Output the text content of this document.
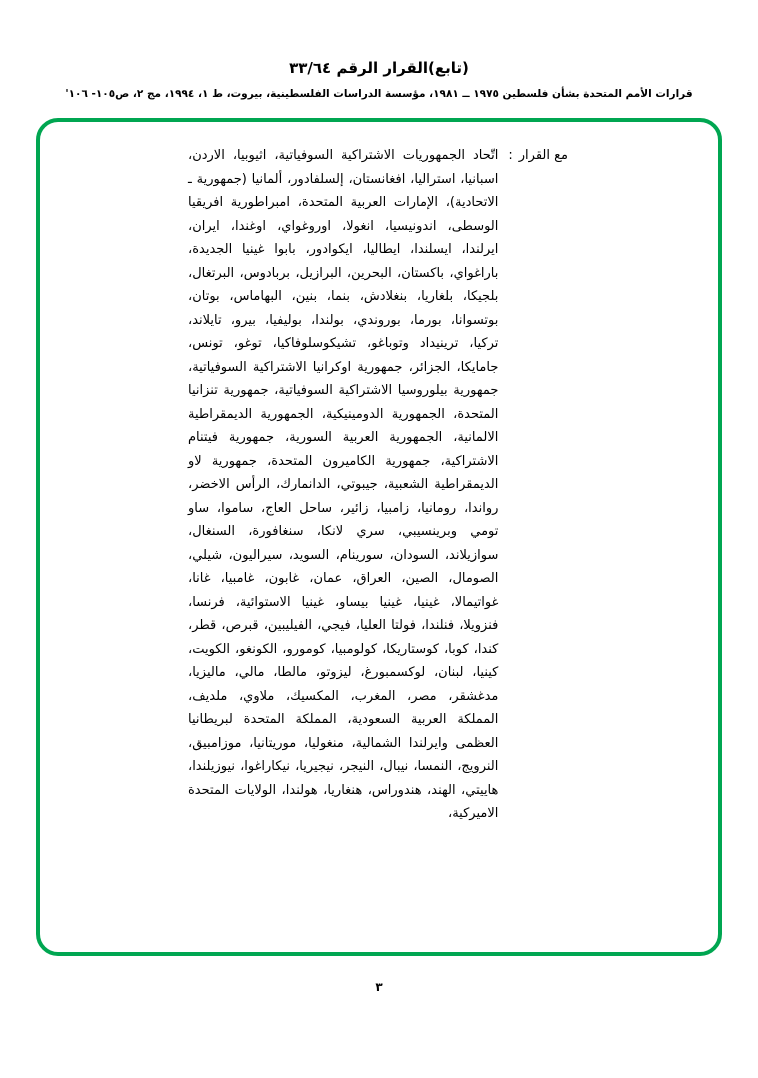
(تابع)القرار الرقم ٣٣/٦٤
قرارات الأمم المتحدة بشأن فلسطين ١٩٧٥ ــ ١٩٨١، مؤسسة الدراسات الفلسطينية، بيروت، ط ١، ١٩٩٤، مج ٢، ص١٠٥- ١٠٦'
مع القرار
:
اتّحاد الجمهوريات الاشتراكية السوفياتية، اثيوبيا، الاردن، اسبانيا، استراليا، افغانستان، إلسلفادور، ألمانيا (جمهورية ـ الاتحادية)، الإمارات العربية المتحدة، امبراطورية افريقيا الوسطى، اندونيسيا، انغولا، اوروغواي، اوغندا، ايران، ايرلندا، ايسلندا، ايطاليا، ايكوادور، بابوا غينيا الجديدة، باراغواي، باكستان، البحرين، البرازيل، بربادوس، البرتغال، بلجيكا، بلغاريا، بنغلادش، بنما، بنين، البهاماس، بوتان، بوتسوانا، بورما، بوروندي، بولندا، بوليفيا، بيرو، تايلاند، تركيا، ترينيداد وتوباغو، تشيكوسلوفاكيا، توغو، تونس، جامايكا، الجزائر، جمهورية اوكرانيا الاشتراكية السوفياتية، جمهورية بيلوروسيا الاشتراكية السوفياتية، جمهورية تنزانيا المتحدة، الجمهورية الدومينيكية، الجمهورية الديمقراطية الالمانية، الجمهورية العربية السورية، جمهورية فيتنام الاشتراكية، جمهورية الكاميرون المتحدة، جمهورية لاو الديمقراطية الشعبية، جيبوتي، الدانمارك، الرأس الاخضر، رواندا، رومانيا، زامبيا، زائير، ساحل العاج، ساموا، ساو تومي وبرينسيبي، سري لانكا، سنغافورة، السنغال، سوازيلاند، السودان، سورينام، السويد، سيراليون، شيلي، الصومال، الصين، العراق، عمان، غابون، غامبيا، غانا، غواتيمالا، غينيا، غينيا بيساو، غينيا الاستوائية، فرنسا، فنزويلا، فنلندا، فولتا العليا، فيجي، الفيليبين، قبرص، قطر، كندا، كوبا، كوستاريكا، كولومبيا، كومورو، الكونغو، الكويت، كينيا، لبنان، لوكسمبورغ، ليزوتو، مالطا، مالي، ماليزيا، مدغشقر، مصر، المغرب، المكسيك، ملاوي، ملديف، المملكة العربية السعودية، المملكة المتحدة لبريطانيا العظمى وايرلندا الشمالية، منغوليا، موريتانيا، موزامبيق، النرويج، النمسا، نيبال، النيجر، نيجيريا، نيكاراغوا، نيوزيلندا، هاييتي، الهند، هندوراس، هنغاريا، هولندا، الولايات المتحدة الاميركية،
٣
